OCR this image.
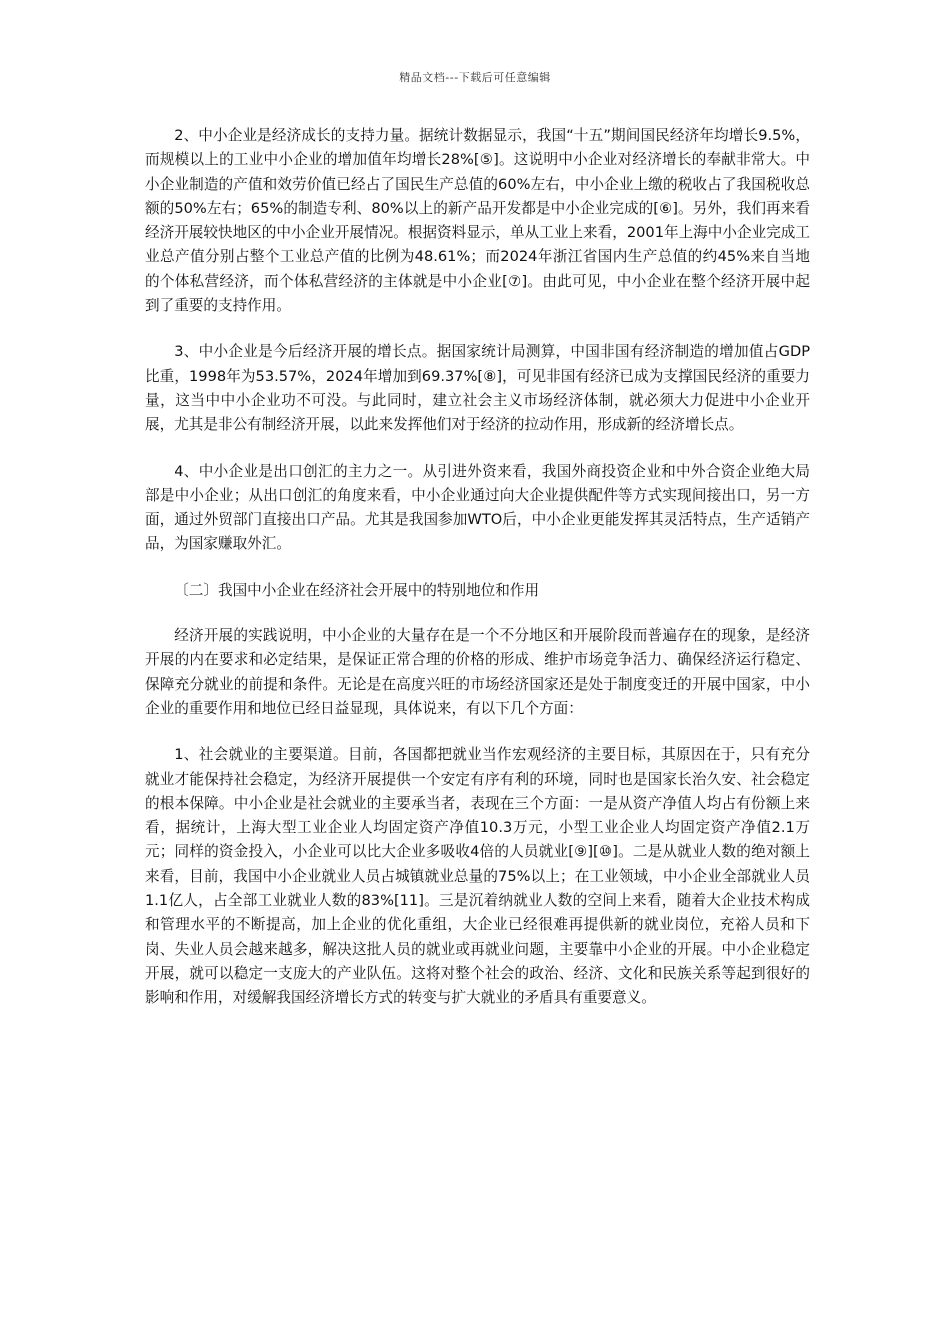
精品文档---下载后可任意编辑

2、中小企业是经济成长的支持力量。据统计数据显示，我国“十五”期间国民经济年均增长9.5%，而规模以上的工业中小企业的增加值年均增长28%[⑤]。这说明中小企业对经济增长的奉献非常大。中小企业制造的产值和效劳价值已经占了国民生产总值的60%左右，中小企业上缴的税收占了我国税收总额的50%左右；65%的制造专利、80%以上的新产品开发都是中小企业完成的[⑥]。另外，我们再来看经济开展较快地区的中小企业开展情况。根据资料显示，单从工业上来看，2001年上海中小企业完成工业总产值分别占整个工业总产值的比例为48.61%；而2024年浙江省国内生产总值的约45%来自当地的个体私营经济，而个体私营经济的主体就是中小企业[⑦]。由此可见，中小企业在整个经济开展中起到了重要的支持作用。

3、中小企业是今后经济开展的增长点。据国家统计局测算，中国非国有经济制造的增加值占GDP比重，1998年为53.57%，2024年增加到69.37%[⑧]，可见非国有经济已成为支撑国民经济的重要力量，这当中中小企业功不可没。与此同时，建立社会主义市场经济体制，就必须大力促进中小企业开展，尤其是非公有制经济开展，以此来发挥他们对于经济的拉动作用，形成新的经济增长点。

4、中小企业是出口创汇的主力之一。从引进外资来看，我国外商投资企业和中外合资企业绝大局部是中小企业；从出口创汇的角度来看，中小企业通过向大企业提供配件等方式实现间接出口，另一方面，通过外贸部门直接出口产品。尤其是我国参加WTO后，中小企业更能发挥其灵活特点，生产适销产品，为国家赚取外汇。

〔二〕我国中小企业在经济社会开展中的特别地位和作用

经济开展的实践说明，中小企业的大量存在是一个不分地区和开展阶段而普遍存在的现象，是经济开展的内在要求和必定结果，是保证正常合理的价格的形成、维护市场竞争活力、确保经济运行稳定、保障充分就业的前提和条件。无论是在高度兴旺的市场经济国家还是处于制度变迁的开展中国家，中小企业的重要作用和地位已经日益显现，具体说来，有以下几个方面：

1、社会就业的主要渠道。目前，各国都把就业当作宏观经济的主要目标，其原因在于，只有充分就业才能保持社会稳定，为经济开展提供一个安定有序有利的环境，同时也是国家长治久安、社会稳定的根本保障。中小企业是社会就业的主要承当者，表现在三个方面：一是从资产净值人均占有份额上来看，据统计，上海大型工业企业人均固定资产净值10.3万元，小型工业企业人均固定资产净值2.1万元；同样的资金投入，小企业可以比大企业多吸收4倍的人员就业[⑨][⑩]。二是从就业人数的绝对额上来看，目前，我国中小企业就业人员占城镇就业总量的75%以上；在工业领域，中小企业全部就业人员1.1亿人，占全部工业就业人数的83%[11]。三是沉着纳就业人数的空间上来看，随着大企业技术构成和管理水平的不断提高，加上企业的优化重组，大企业已经很难再提供新的就业岗位，充裕人员和下岗、失业人员会越来越多，解决这批人员的就业或再就业问题，主要靠中小企业的开展。中小企业稳定开展，就可以稳定一支庞大的产业队伍。这将对整个社会的政治、经济、文化和民族关系等起到很好的影响和作用，对缓解我国经济增长方式的转变与扩大就业的矛盾具有重要意义。
